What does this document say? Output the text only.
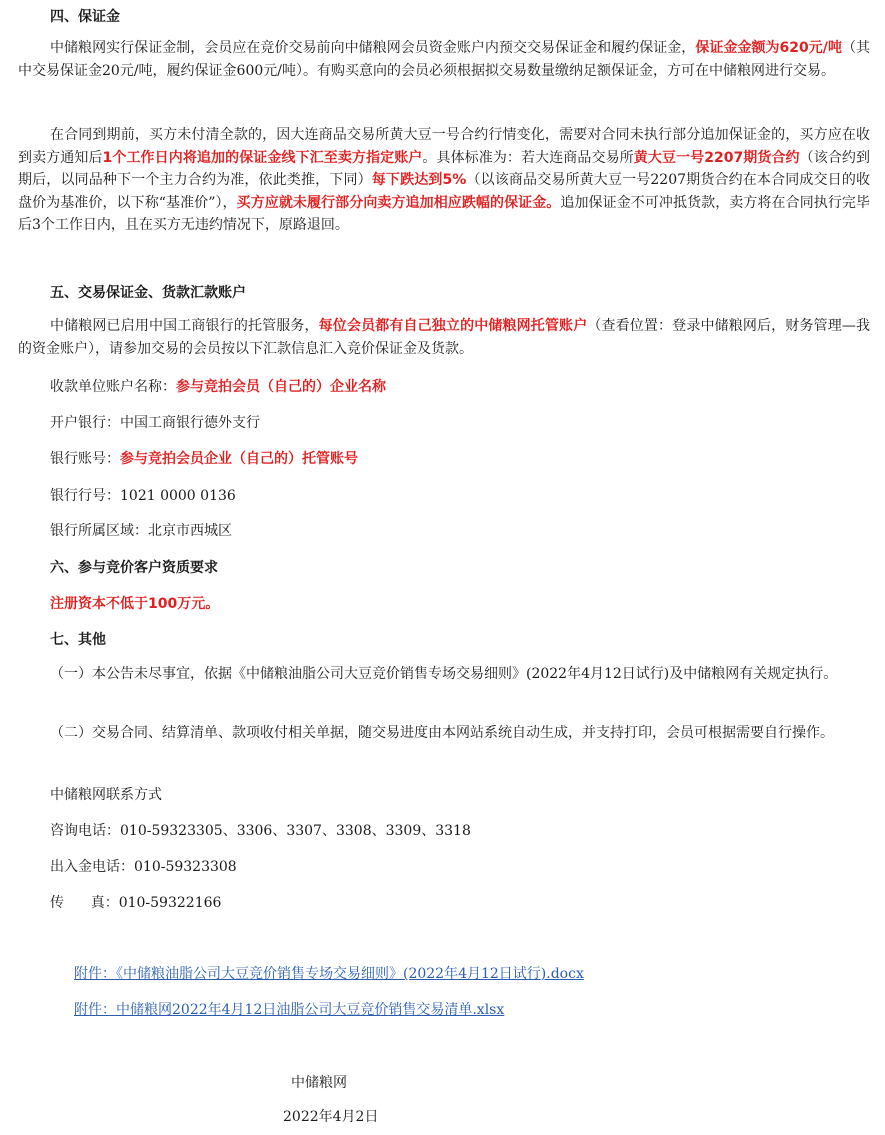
四、保证金
中储粮网实行保证金制，会员应在竞价交易前向中储粮网会员资金账户内预交交易保证金和履约保证金，保证金金额为620元/吨（其中交易保证金20元/吨，履约保证金600元/吨）。有购买意向的会员必须根据拟交易数量缴纳足额保证金，方可在中储粮网进行交易。
在合同到期前，买方未付清全款的，因大连商品交易所黄大豆一号合约行情变化，需要对合同未执行部分追加保证金的，买方应在收到卖方通知后1个工作日内将追加的保证金线下汇至卖方指定账户。具体标准为：若大连商品交易所黄大豆一号2207期货合约（该合约到期后，以同品种下一个主力合约为准，依此类推，下同）每下跌达到5%（以该商品交易所黄大豆一号2207期货合约在本合同成交日的收盘价为基准价，以下称“基准价”），买方应就未履行部分向卖方追加相应跌幅的保证金。追加保证金不可冲抵货款，卖方将在合同执行完毕后3个工作日内，且在买方无违约情况下，原路退回。
五、交易保证金、货款汇款账户
中储粮网已启用中国工商银行的托管服务，每位会员都有自己独立的中储粮网托管账户（查看位置：登录中储粮网后，财务管理—我的资金账户），请参加交易的会员按以下汇款信息汇入竞价保证金及货款。
收款单位账户名称：参与竞拍会员（自己的）企业名称
开户银行：中国工商银行德外支行
银行账号：参与竞拍会员企业（自己的）托管账号
银行行号：1021 0000 0136
银行所属区域：北京市西城区
六、参与竞价客户资质要求
注册资本不低于100万元。
七、其他
（一）本公告未尽事宜，依据《中储粮油脂公司大豆竞价销售专场交易细则》(2022年4月12日试行)及中储粮网有关规定执行。
（二）交易合同、结算清单、款项收付相关单据，随交易进度由本网站系统自动生成，并支持打印，会员可根据需要自行操作。
中储粮网联系方式
咨询电话：010-59323305、3306、3307、3308、3309、3318
出入金电话：010-59323308
传      真：010-59322166
附件：《中储粮油脂公司大豆竞价销售专场交易细则》(2022年4月12日试行).docx
附件：中储粮网2022年4月12日油脂公司大豆竞价销售交易清单.xlsx
中储粮网
2022年4月2日
